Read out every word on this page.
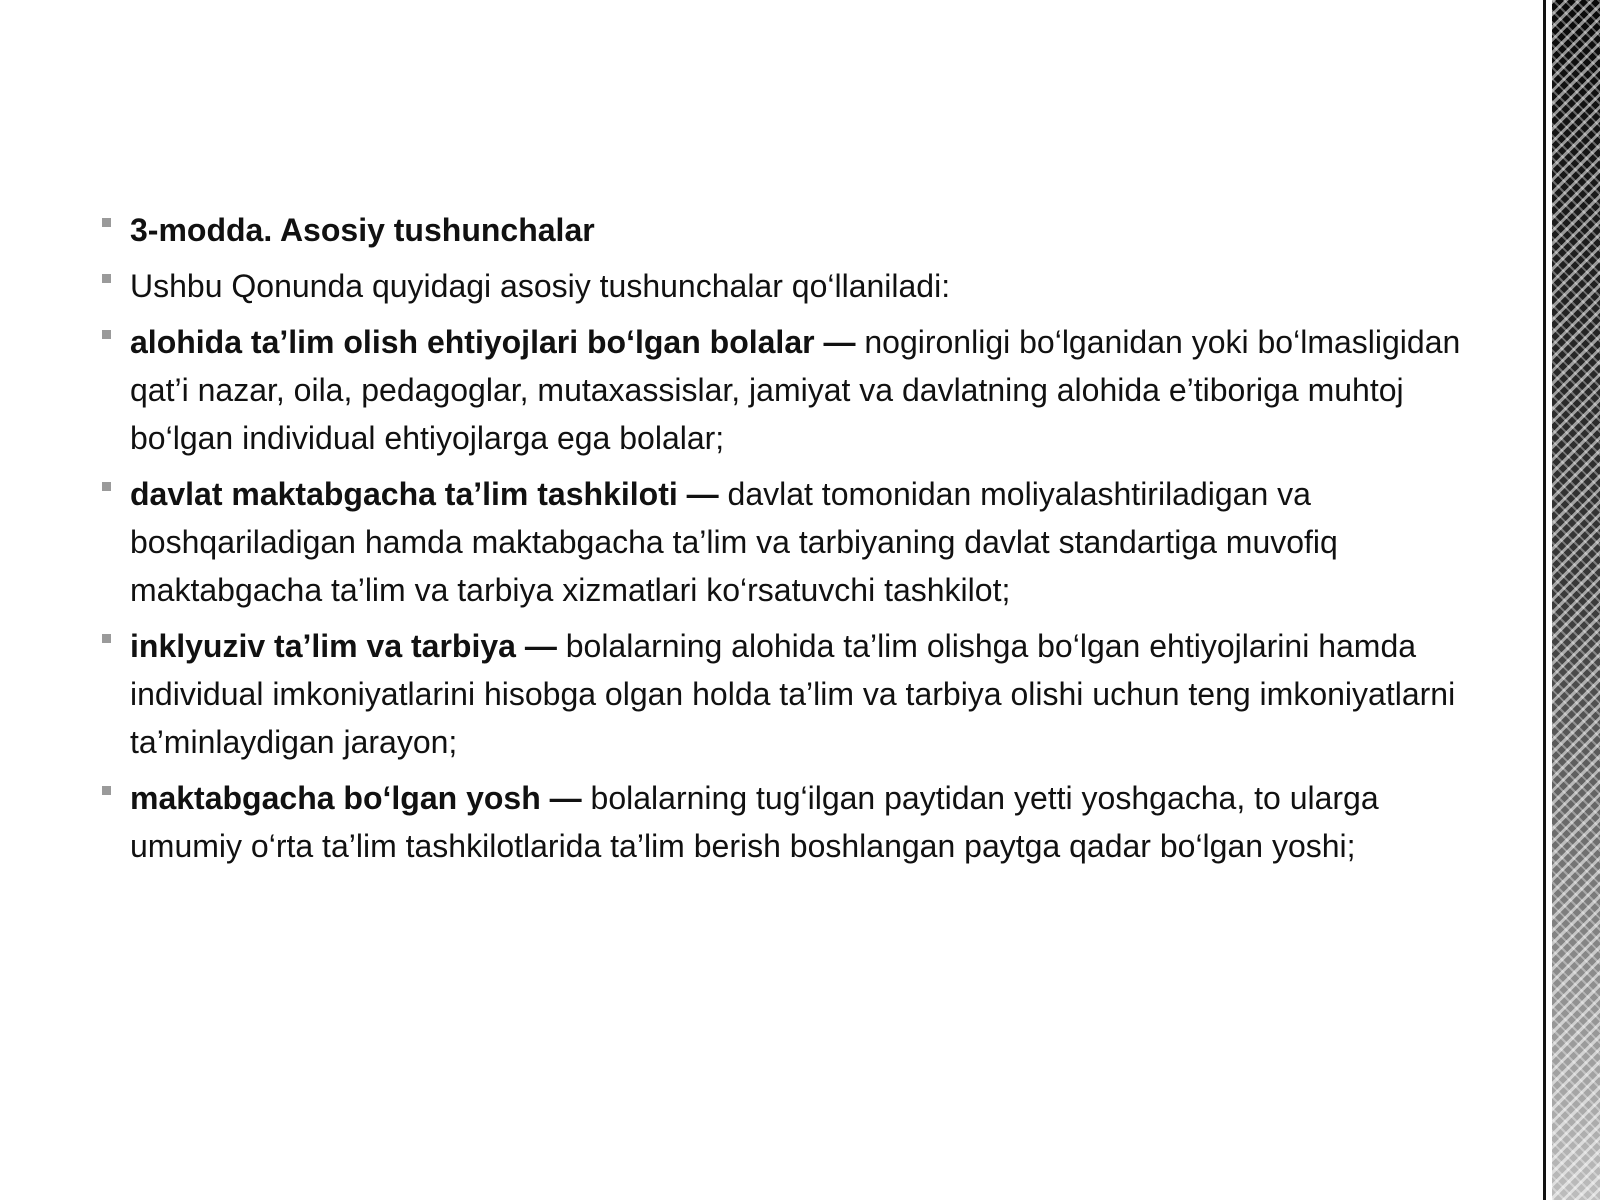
3-modda. Asosiy tushunchalar
Ushbu Qonunda quyidagi asosiy tushunchalar qo‘llaniladi:
alohida ta’lim olish ehtiyojlari bo‘lgan bolalar — nogironligi bo‘lganidan yoki bo‘lmasligidan qat’i nazar, oila, pedagoglar, mutaxassislar, jamiyat va davlatning alohida e’tiboriga muhtoj bo‘lgan individual ehtiyojlarga ega bolalar;
davlat maktabgacha ta’lim tashkiloti — davlat tomonidan moliyalashtiriladigan va boshqariladigan hamda maktabgacha ta’lim va tarbiyaning davlat standartiga muvofiq maktabgacha ta’lim va tarbiya xizmatlari ko‘rsatuvchi tashkilot;
inklyuziv ta’lim va tarbiya — bolalarning alohida ta’lim olishga bo‘lgan ehtiyojlarini hamda individual imkoniyatlarini hisobga olgan holda ta’lim va tarbiya olishi uchun teng imkoniyatlarni ta’minlaydigan jarayon;
maktabgacha bo‘lgan yosh — bolalarning tug‘ilgan paytidan yetti yoshgacha, to ularga umumiy o‘rta ta’lim tashkilotlarida ta’lim berish boshlangan paytga qadar bo‘lgan yoshi;
